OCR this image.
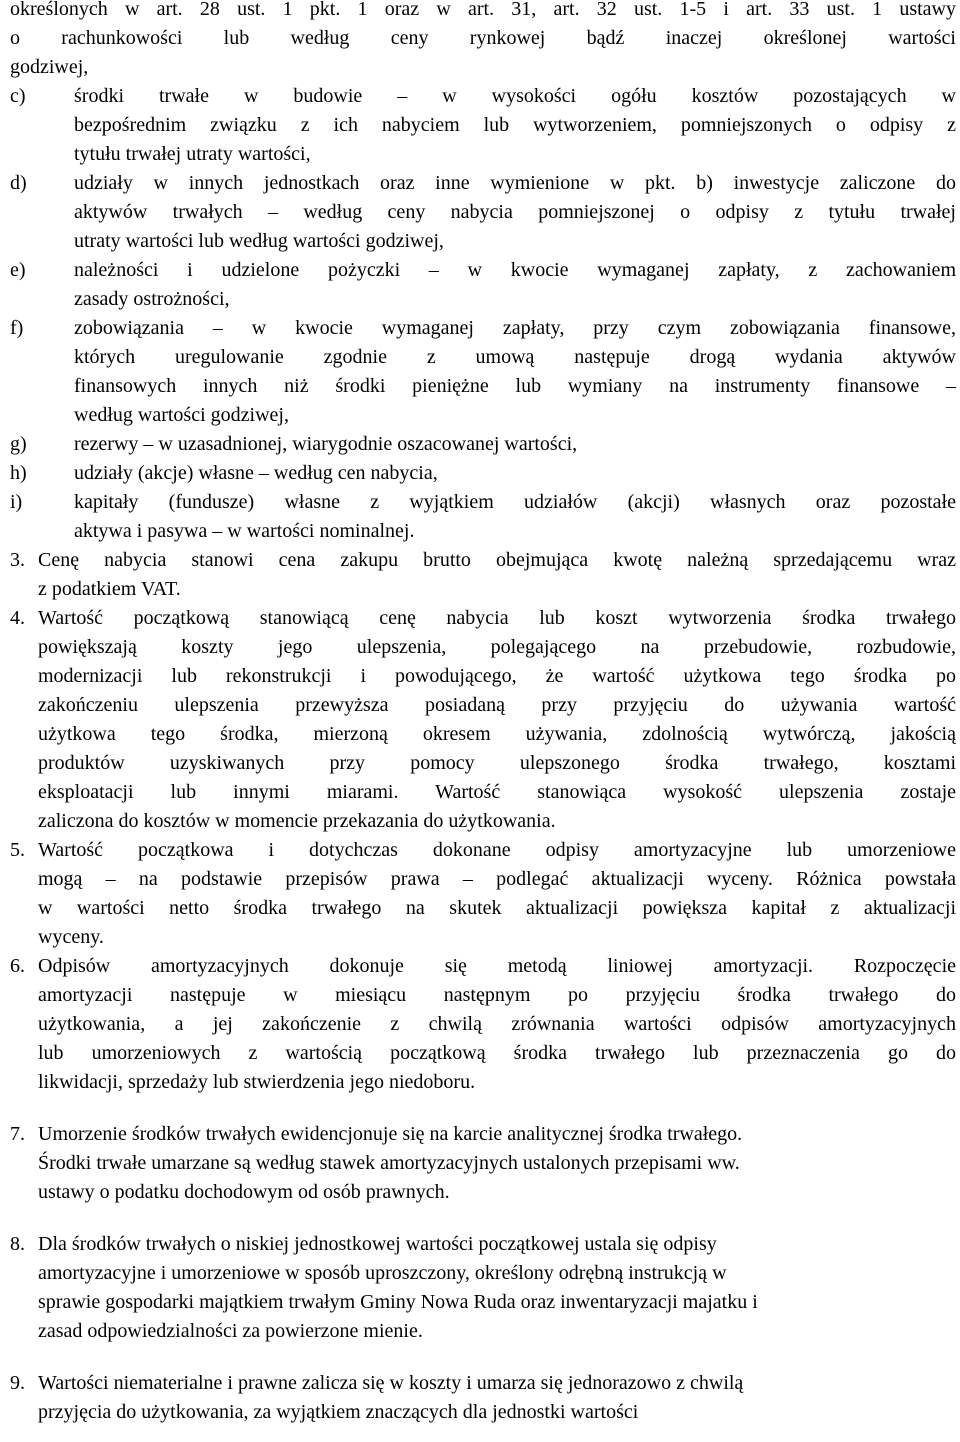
określonych w art. 28 ust. 1 pkt. 1 oraz w art. 31, art. 32 ust. 1-5 i art. 33 ust. 1 ustawy
o rachunkowości lub według ceny rynkowej bądź inaczej określonej wartości
godziwej,
c) środki trwałe w budowie – w wysokości ogółu kosztów pozostających w
bezpośrednim związku z ich nabyciem lub wytworzeniem, pomniejszonych o odpisy z
tytułu trwałej utraty wartości,
d) udziały w innych jednostkach oraz inne wymienione w pkt. b) inwestycje zaliczone do
aktywów trwałych – według ceny nabycia pomniejszonej o odpisy z tytułu trwałej
utraty wartości lub według wartości godziwej,
e) należności i udzielone pożyczki – w kwocie wymaganej zapłaty, z zachowaniem
zasady ostrożności,
f)	zobowiązania – w kwocie wymaganej zapłaty, przy czym zobowiązania finansowe,
których uregulowanie zgodnie z umową następuje drogą wydania aktywów
finansowych innych niż środki pieniężne lub wymiany na instrumenty finansowe –
według wartości godziwej,
g) rezerwy – w uzasadnionej, wiarygodnie oszacowanej wartości,
h) udziały (akcje) własne – według cen nabycia,
i)	kapitały (fundusze) własne z wyjątkiem udziałów (akcji) własnych oraz pozostałe
aktywa i pasywa – w wartości nominalnej.
3. Cenę nabycia stanowi cena zakupu brutto obejmująca kwotę należną sprzedającemu wraz
z podatkiem VAT.
4. Wartość początkową stanowiącą cenę nabycia lub koszt wytworzenia środka trwałego
powiększają koszty jego ulepszenia, polegającego na przebudowie, rozbudowie,
modernizacji lub rekonstrukcji i powodującego, że wartość użytkowa tego środka po
zakończeniu ulepszenia przewyższa posiadaną przy przyjęciu do używania wartość
użytkowa tego środka, mierzoną okresem używania, zdolnością wytwórczą, jakością
produktów uzyskiwanych przy pomocy ulepszonego środka trwałego, kosztami
eksploatacji lub innymi miarami. Wartość stanowiąca wysokość ulepszenia zostaje
zaliczona do kosztów w momencie przekazania do użytkowania.
5. Wartość początkowa i dotychczas dokonane odpisy amortyzacyjne lub umorzeniowe
mogą – na podstawie przepisów prawa – podlegać aktualizacji wyceny. Różnica powstała
w wartości netto środka trwałego na skutek aktualizacji powiększa kapitał z aktualizacji
wyceny.
6. Odpisów amortyzacyjnych dokonuje się metodą liniowej amortyzacji. Rozpoczęcie
amortyzacji następuje w miesiącu następnym po przyjęciu środka trwałego do
użytkowania, a jej zakończenie z chwilą zrównania wartości odpisów amortyzacyjnych
lub umorzeniowych z wartością początkową środka trwałego lub przeznaczenia go do
likwidacji, sprzedaży lub stwierdzenia jego niedoboru.
7. Umorzenie środków trwałych ewidencjonuje się na karcie analitycznej środka trwałego.
Środki trwałe umarzane są według stawek amortyzacyjnych ustalonych przepisami ww.
ustawy o podatku dochodowym od osób prawnych.
8. Dla środków trwałych o niskiej jednostkowej wartości początkowej ustala się odpisy
amortyzacyjne i umorzeniowe w sposób uproszczony, określony odrębną instrukcją w
sprawie gospodarki majątkiem trwałym Gminy Nowa Ruda oraz inwentaryzacji majatku i
zasad odpowiedzialności za powierzone mienie.
9. Wartości niematerialne i prawne zalicza się w koszty i umarza się jednorazowo z chwilą
przyjęcia do użytkowania, za wyjątkiem znaczących dla jednostki wartości
